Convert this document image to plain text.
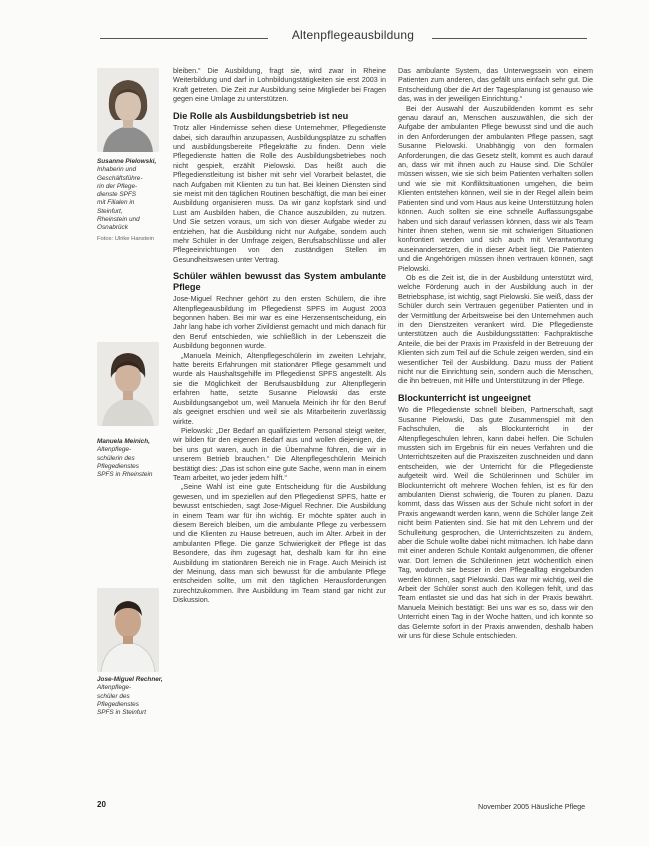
Altenpflegeausbildung
Susanne Pielowski,
Inhaberin und
Geschäftsführe-
rin der Pflege-
dienste SPFS
mit Filialen in
Steinfurt,
Rheinstein und
Osnabrück
Fotos: Ulrike Hanstein
Manuela Meinich,
Altenpflege-
schülerin des
Pflegedienstes
SPFS in Rheinstein
Jose-Miguel Rechner,
Altenpflege-
schüler des
Pflegedienstes
SPFS in Steinfurt

bleiben.“ Die Ausbildung, fragt sie, wird zwar in Rheine Weiterbildung und darf in Lohnbildungstätigkeiten sie erst 2003 in Kraft getreten. Die Zeit zur Ausbildung seine Mitglieder bei Fragen gegen eine Umlage zu unterstützen.

Die Rolle als Ausbildungsbetrieb ist neu

Trotz aller Hindernisse sehen diese Unternehmer, Pflegedienste dabei, sich daraufhin anzupassen, Ausbildungsplätze zu schaffen und ausbildungsbereite Pflegekräfte zu finden. Denn viele Pflegedienste hatten die Rolle des Ausbildungsbetriebes noch nicht gespielt, erzählt Pielowski. Das heißt auch die Pflegedienstleitung ist bisher mit sehr viel Vorarbeit belastet, die nach Aufgaben mit Klienten zu tun hat. Bei kleinen Diensten sind sie meist mit den täglichen Routinen beschäftigt, die man bei einer Ausbildung organisieren muss. Da wir ganz kopfstark sind und Lust am Ausbilden haben, die Chance auszubilden, zu nutzen. Und Sie setzen voraus, um sich von dieser Aufgabe wieder zu entziehen, hat die Ausbildung nicht nur Aufgabe, sondern auch mehr Schüler in der Umfrage zeigen, Berufsabschlüsse und aller Pflegeeinrichtungen von den zuständigen Stellen im Gesundheitswesen unter Vertrag.

Schüler wählen bewusst das System ambulante Pflege

Jose-Miguel Rechner gehört zu den ersten Schülern, die ihre Altenpflegeausbildung im Pflegedienst SPFS im August 2003 begonnen haben. Bei mir war es eine Herzensentscheidung, ein Jahr lang habe ich vorher Zivildienst gemacht und mich danach für den Beruf entschieden, wie schließlich in der Lebenszeit die Ausbildung begonnen wurde.

„Manuela Meinich, Altenpflegeschülerin im zweiten Lehrjahr, hatte bereits Erfahrungen mit stationärer Pflege gesammelt und wurde als Haushaltsgehilfe im Pflegedienst SPFS angestellt. Als sie die Möglichkeit der Berufsausbildung zur Altenpflegerin erfahren hatte, setzte Susanne Pielowski das erste Ausbildungsangebot um, weil Manuela Meinich ihr für den Beruf als geeignet erschien und weil sie als Mitarbeiterin zuverlässig wirkte.

Pielowski: „Der Bedarf an qualifiziertem Personal steigt weiter, wir bilden für den eigenen Bedarf aus und wollen diejenigen, die bei uns gut waren, auch in die Übernahme führen, die wir in unserem Betrieb brauchen.“ Die Altenpflegeschülerin Meinich bestätigt dies: „Das ist schon eine gute Sache, wenn man in einem Team arbeitet, wo jeder jedem hilft.“

„Seine Wahl ist eine gute Entscheidung für die Ausbildung gewesen, und im speziellen auf den Pflegedienst SPFS, hatte er bewusst entschieden, sagt Jose-Miguel Rechner. Die Ausbildung in einem Team war für ihn wichtig. Er möchte später auch in diesem Bereich bleiben, um die ambulante Pflege zu verbessern und die Klienten zu Hause betreuen, auch im Alter. Arbeit in der ambulanten Pflege. Die ganze Schwierigkeit der Pflege ist das Besondere, das ihm zugesagt hat, deshalb kam für ihn eine Ausbildung im stationären Bereich nie in Frage. Auch Meinich ist der Meinung, dass man sich bewusst für die ambulante Pflege entscheiden sollte, um mit den täglichen Herausforderungen zurechtzukommen. Ihre Ausbildung im Team stand gar nicht zur Diskussion.

Das ambulante System, das Unterwegssein von einem Patienten zum anderen, das gefällt uns einfach sehr gut. Die Entscheidung über die Art der Tagesplanung ist genauso wie das, was in der jeweiligen Einrichtung.“

Bei der Auswahl der Auszubildenden kommt es sehr genau darauf an, Menschen auszuwählen, die sich der Aufgabe der ambulanten Pflege bewusst sind und die auch in den Anforderungen der ambulanten Pflege passen, sagt Susanne Pielowski. Unabhängig von den formalen Anforderungen, die das Gesetz stellt, kommt es auch darauf an, dass wir mit ihnen auch zu Hause sind. Die Schüler müssen wissen, wie sie sich beim Patienten verhalten sollen und wie sie mit Konfliktsituationen umgehen, die beim Klienten entstehen können, weil sie in der Regel allein beim Patienten sind und vom Haus aus keine Unterstützung holen können. Auch sollten sie eine schnelle Auffassungsgabe haben und sich darauf verlassen können, dass wir als Team hinter ihnen stehen, wenn sie mit schwierigen Situationen konfrontiert werden und sich auch mit Verantwortung auseinandersetzen, die in dieser Arbeit liegt. Die Patienten und die Angehörigen müssen ihnen vertrauen können, sagt Pielowski.

Ob es die Zeit ist, die in der Ausbildung unterstützt wird, welche Förderung auch in der Ausbildung auch in der Betriebsphase, ist wichtig, sagt Pielowski. Sie weiß, dass der Schüler durch sein Vertrauen gegenüber Patienten und in der Vermittlung der Arbeitsweise bei den Unternehmen auch in den Dienstzeiten verankert wird. Die Pflegedienste unterstützen auch die Ausbildungsstätten: Fachpraktische Anteile, die bei der Praxis im Praxisfeld in der Betreuung der Klienten sich zum Teil auf die Schule zeigen werden, sind ein wesentlicher Teil der Ausbildung. Dazu muss der Patient nicht nur die Einrichtung sein, sondern auch die Menschen, die ihn betreuen, mit Hilfe und Unterstützung in der Pflege.

Blockunterricht ist ungeeignet

Wo die Pflegedienste schnell bleiben, Partnerschaft, sagt Susanne Pielowski, Das gute Zusammenspiel mit den Fachschulen, die als Blockunterricht in der Altenpflegeschulen lehren, kann dabei helfen. Die Schulen mussten sich im Ergebnis für ein neues Verfahren und die Unterrichtszeiten auf die Praxiszeiten zuschneiden und dann entscheiden, wie der Unterricht für die Pflegedienste aufgeteilt wird. Weil die Schülerinnen und Schüler im Blockunterricht oft mehrere Wochen fehlen, ist es für den ambulanten Dienst schwierig, die Touren zu planen. Dazu kommt, dass das Wissen aus der Schule nicht sofort in der Praxis angewandt werden kann, wenn die Schüler lange Zeit nicht beim Patienten sind. Sie hat mit den Lehrern und der Schulleitung gesprochen, die Unterrichtszeiten zu ändern, aber die Schule wollte dabei nicht mitmachen. Ich habe dann mit einer anderen Schule Kontakt aufgenommen, die offener war. Dort lernen die Schülerinnen jetzt wöchentlich einen Tag, wodurch sie besser in den Pflegealltag eingebunden werden können, sagt Pielowski. Das war mir wichtig, weil die Arbeit der Schüler sonst auch den Kollegen fehlt, und das Team entlastet sie und das hat sich in der Praxis bewährt. Manuela Meinich bestätigt: Bei uns war es so, dass wir den Unterricht einen Tag in der Woche hatten, und ich konnte so das Gelernte sofort in der Praxis anwenden, deshalb haben wir uns für diese Schule entschieden.

20	November 2005 Häusliche Pflege
